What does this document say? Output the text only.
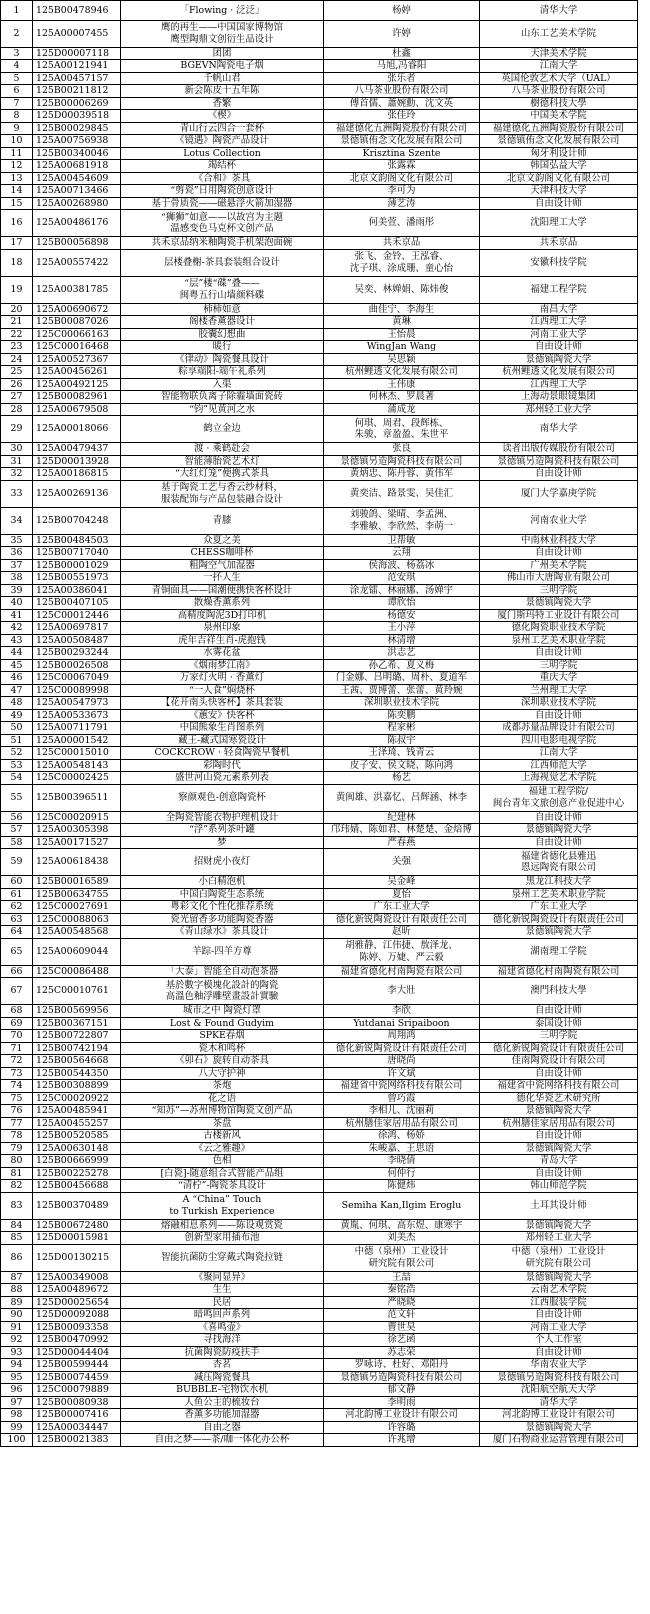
1	125B00478946	「Flowing · 泛泛」	杨婷	清华大学
2	125A00007455	鹰的再生——中国国家博物馆
鹰型陶鼎文创衍生品设计	许婷	山东工艺美术学院
3	125D00007118	团团	杜鑫	天津美术学院
4	125A00121941	BGEVN陶瓷电子烟	马旭,冯睿阳	江南大学
5	125A00457157	千帆山君	张乐者	英国伦敦艺术大学（UAL）
6	125B00211812	新会陈皮十五年陈	八马茶业股份有限公司	八马茶业股份有限公司
7	125B00006269	香繁	傅首儒、蕭婉勳、沈文英	樹德科技大學
8	125D00039518	《楔》	张佳玲	中国美术学院
9	125B00029845	青山行云四合一套杯	福建德化五洲陶瓷股份有限公司	福建德化五洲陶瓷股份有限公司
10	125A00756938	《镜遇》陶瓷产品设计	景德镇侑念文化发展有限公司	景德镇侑念文化发展有限公司
11	125B00340046	Lotus Collection	Krisztina Szente	匈牙利设计师
12	125A00681918	竭结杯	张露霖	韩国弘益大学
13	125A00454609	《合和》茶具	北京文韵阁文化有限公司	北京文韵阁文化有限公司
14	125A00713466	“剪瓷”日用陶瓷创意设计	李可为	天津科技大学
15	125A00268980	基于骨质瓷——磁悬浮火箭加湿器	薄艺涛	自由设计师
16	125A00486176	“狮狮”如意——以故宫为主题
温感变色马克杯文创产品	何美萱、潘雨彤	沈阳理工大学
17	125B00056898	共禾京品纳米釉陶瓷手机架泡面碗	共禾京品	共禾京品
18	125A00557422	层楼叠榭-茶具套装组合设计	张飞、金铃、王泓睿、
沈子琪、涂成珊、童心怡	安徽科技学院
19	125A00381785	“层”楼“碟”叠——
闽粤五行山墙颜料碟	吴奕、林婵娟、陈炜俊	福建工程学院
20	125A00690672	柿柿如意	曲佳宁、李海生	南昌大学
21	125B00087026	阁楼香薰器设计	黄琳	江西理工大学
22	125C00066163	胶囊幻想曲	王怡晨	河南工业大学
23	125C00016468	暖行	WingJan Wang	自由设计师
24	125A00527367	《律动》陶瓷餐具设计	吴思颖	景德镇陶瓷大学
25	125A00456261	粽享端阳-端午礼系列	杭州鲤透文化发展有限公司	杭州鲤透文化发展有限公司
26	125A00492125	入渠	王伟康	江西理工大学
27	125B00082961	智能物联负离子除霾墙面瓷砖	何林杰、罗晨著	上海动景眼镜集团
28	125A00679508	“钧”见黄河之水	蒲成龙	郑州轻工业大学
29	125A00018066	鹤立金边	何琪、周君、段辉栋、
朱骏、章盈盈、朱世平	南华大学
30	125A00479437	渡 · 乘鹤赴会	张良	读者出版传媒股份有限公司
31	125D00013928	智能薄胎瓷艺术灯	景德镇另造陶瓷科技有限公司	景德镇另造陶瓷科技有限公司
32	125A00186815	“大红灯笼”便携式茶具	黄炳忠、陈丹蓉、黄伟军	自由设计师
33	125A00269136	基于陶瓷工艺与香云纱材料，
服装配饰与产品包装融合设计	黄奕洁、路景雯、吴佳汇	厦门大学嘉庚学院
34	125B00704248	青膝	刘骏鸽、梁晴、李孟洲、
李雅敏、李欣然、李萌一	河南农业大学
35	125B00484503	众夏之美	卫帮敏	中南林业科技大学
36	125B00717040	CHESS咖啡杯	云翔	自由设计师
37	125B00001029	粗陶空气加湿器	侯海波、杨荔冰	广州美术学院
38	125B00551973	一抔人生	范安琪	佛山市大唐陶业有限公司
39	125A00386041	青铜面具——国潮便携快客杯设计	涂龙镭、林丽娜、汤婵宇	三明学院
40	125B00407105	散燥香薰系列	谭欣怡	景德镇陶瓷大学
41	125C00012446	高精度陶泥3D打印机	杨德安	厦门斯玛特工业设计有限公司
42	125A00697817	泉州印象	王小萍	德化陶瓷职业技术学院
43	125A00508487	虎年吉祥生肖-虎抱钱	林清增	泉州工艺美术职业学院
44	125B00293244	水雾花盆	洪志艺	自由设计师
45	125B00026508	《烟雨梦江南》	孙乙希、夏义梅	三明学院
46	125C00067049	万家灯火明 · 香薰灯	门金娜、吕明璐、周朴、夏道军	重庆大学
47	125C00089998	“一人食”焖烧杯	王茜、贾博蕾、张蕾、黄羚婉	兰州理工大学
48	125A00547973	【花开南头快客杯】茶具套装	深圳职业技术学院	深圳职业技术学院
49	125A00533673	《蕙安》快客杯	陈奕鹏	自由设计师
50	125A00711791	中国熊象生肖图系列	程家彬	成都苏量品牌设计有限公司
51	125A00001542	藏王-藏式国寒瓷设计	陈叔宇	四川电影电视学院
52	125C00015010	COCKCROW · 轻食陶瓷早餐机	王泽琦、钱青云	江南大学
53	125A00548143	彩陶时代	皮子安、侯文晓、陈向鸿	江西师范大学
54	125C00002425	盛世河山瓷元素系列表	杨艺	上海视觉艺术学院
55	125B00396511	察颜观色-创意陶瓷杯	黄闽雄、洪嘉忆、吕辉涵、林李	福建工程学院/
闽台青年文旅创意产业促进中心
56	125C00020915	全陶瓷智能衣物护理机设计	纪建林	自由设计师
57	125A00305398	“浮”系列茶叶罐	邝玮婧、陈如君、林楚楚、金焙博	景德镇陶瓷大学
58	125A00171527	梦	严春燕	自由设计师
59	125A00618438	招财虎小夜灯	关强	福建省德化县雅迅
恩远陶瓷有限公司
60	125B00016589	小白精泡机	吴金峰	黑龙江科技大学
61	125B00634755	中国白陶瓷生态系统	夏怡	泉州工艺美术职业学院
62	125C00027691	粤彩文化个性化推荐系统	广东工业大学	广东工业大学
63	125C00088063	瓷光留香多功能陶瓷香器	德化新锐陶瓷设计有限责任公司	德化新锐陶瓷设计有限责任公司
64	125A00548568	《青山绿水》茶具设计	赵昕	景德镇陶瓷大学
65	125A00609044	羊踪-四羊方尊	胡雅静、江伟捷、敖泽龙、
陈婷、万婕、严云毅	湖南理工学院
66	125C00086488	「大泰」智能全自动泡茶器	福建省德化村南陶瓷有限公司	福建省德化村南陶瓷有限公司
67	125C00010761	基於數字模塊化設計的陶瓷
高溫色釉浮雕壁畫設計實驗	李大壯	澳門科技大學
68	125B00569956	城市之中 陶瓷灯罩	李欣	自由设计师
69	125B00367151	Lost & Found Gudyim	Yutdanai Sripaiboon	泰国设计师
70	125B00722807	SPKE春烟	周翔鸿	三明学院
71	125B00742194	瓷木和鸣杯	德化新锐陶瓷设计有限责任公司	德化新锐陶瓷设计有限责任公司
72	125B00564668	《卯石》旋转自动茶具	唐晓尚	佳南陶瓷设计有限公司
73	125B00544350	八大守护神	许文斌	自由设计师
74	125B00308899	茶炮	福建省中瓷网络科技有限公司	福建省中瓷网络科技有限公司
75	125C00020922	花之语	曾巧霞	德化华瓷艺术研究所
76	125A00485941	“知苏”—苏州博物馆陶瓷文创产品	李相儿、沈丽莉	景德镇陶瓷大学
77	125A00455257	茶盘	杭州膳佳家居用品有限公司	杭州膳佳家居用品有限公司
78	125B00520585	古楼新风	徐鸿、杨娇	自由设计师
79	125A00630148	《云之雅趣》	朱峻嘉、王思语	景德镇陶瓷大学
80	125B00666999	色相	李晓倩	青岛大学
81	125B00225278	[白瓷]-随意组合式智能产品组	何仲行	自由设计师
82	125B00456688	“清柠”-陶瓷茶具设计	陈健炜	韩山师范学院
83	125B00370489	A “China” Touch
to Turkish Experience	Semiha Kan,Ilgim Eroglu	土耳其设计师
84	125B00672480	熔融相息系列——陈设观赏瓷	黄胤、何琪、高东煜、康寒宇	景德镇陶瓷大学
85	125D00015981	创新型家用插布池	刘美杰	郑州轻工业大学
86	125D00130215	智能抗菌防尘穿戴式陶瓷拉链	中德（泉州）工业设计
研究院有限公司	中德（泉州）工业设计
研究院有限公司
87	125A00349008	《聚同显异》	王喆	景德镇陶瓷大学
88	125A00489672	生生	秦铭浩	云南艺术学院
89	125D00025654	民居	严晓晓	江西服装学院
90	125D00092088	暗鸣回声系列	范文轩	自由设计师
91	125B00093358	《喜鸣壶》	曹世昊	河南工业大学
92	125B00470992	寻找海洋	徐艺函	个人工作室
93	125D00044404	抗菌陶瓷防疫扶手	苏志荣	自由设计师
94	125B00599444	杏茗	罗咏诗、杜好、邓阳丹	华南农业大学
95	125B00074459	减压陶瓷餐具	景德镇另造陶瓷科技有限公司	景德镇另造陶瓷科技有限公司
96	125C00079889	BUBBLE-宅物饮水机	郁文静	沈阳航空航天大学
97	125B00080938	人鱼公主的梳妆台	李明雨	清华大学
98	125B00007416	香薰多功能加湿器	河北韵博工业设计有限公司	河北韵博工业设计有限公司
99	125A00034447	自由之器	许容璐	景德镇陶瓷大学
100	125B00021383	自由之梦——茶/咖一体化办公杯	许兆增	厦门石物商业运营管理有限公司
